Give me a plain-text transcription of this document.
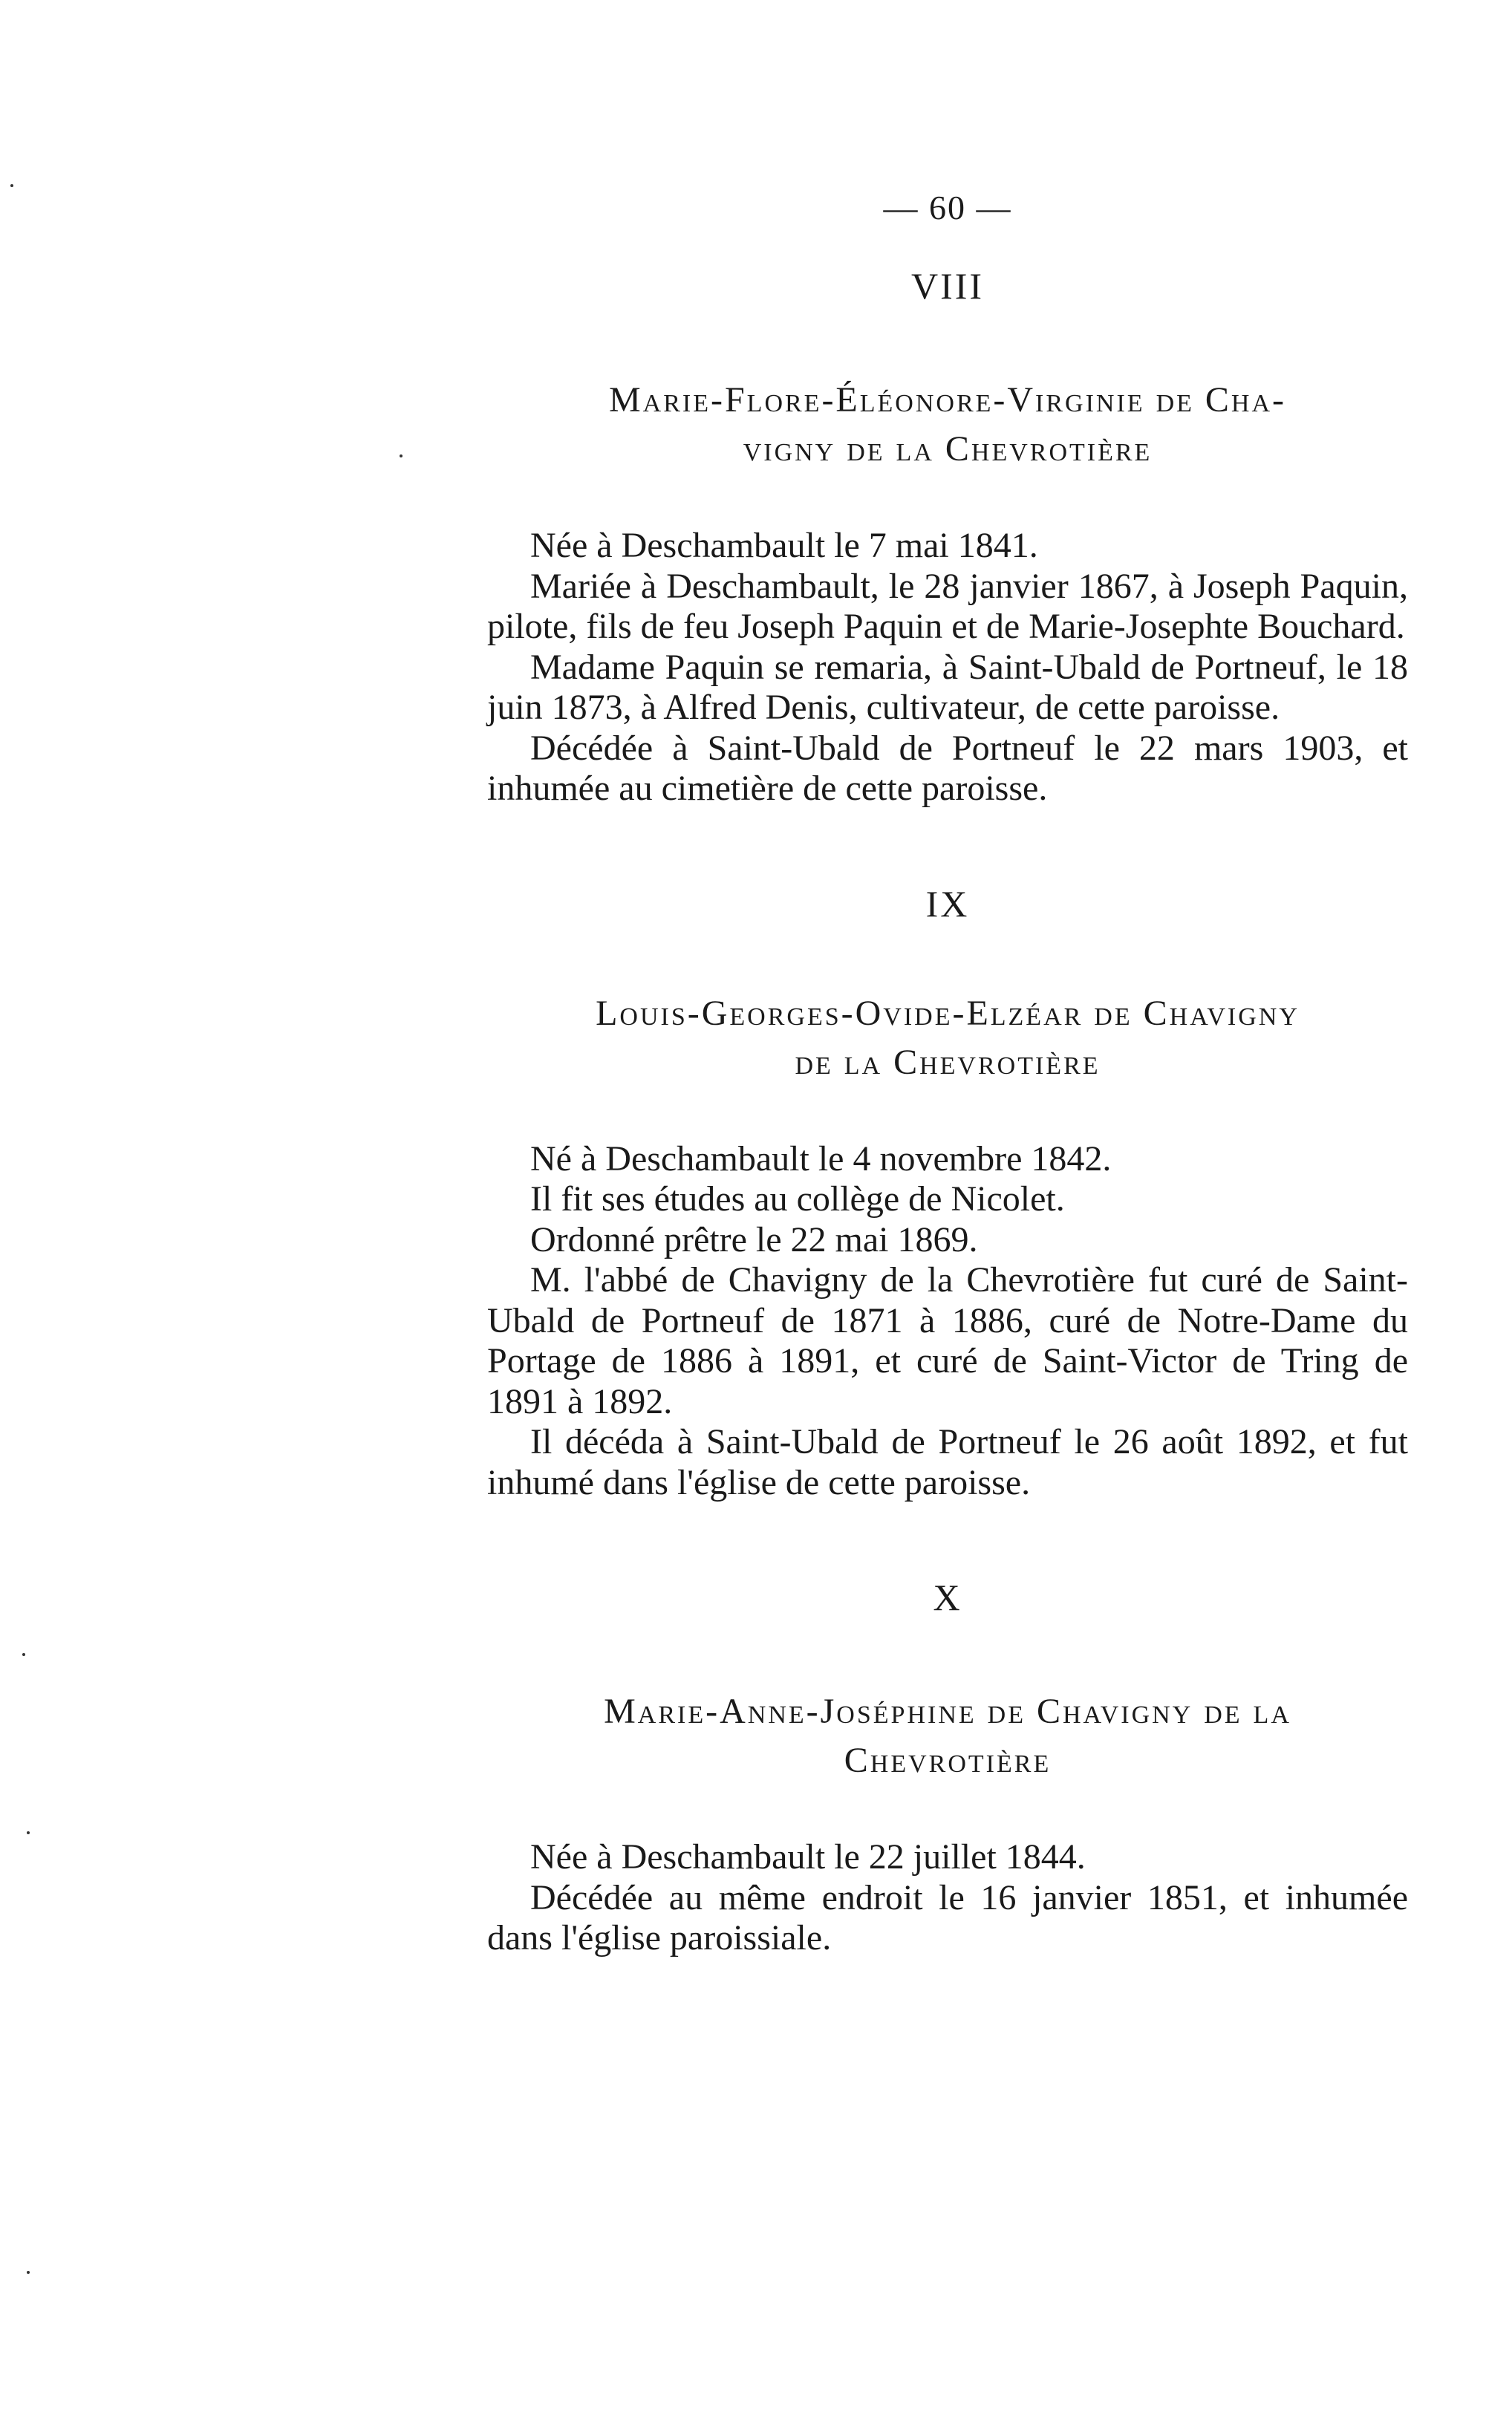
— 60 —
VIII
Marie-Flore-Éléonore-Virginie de Cha-
vigny de la Chevrotière

Née à Deschambault le 7 mai 1841.

Mariée à Deschambault, le 28 janvier 1867, à Joseph Paquin, pilote, fils de feu Joseph Paquin et de Marie-Josephte Bouchard.

Madame Paquin se remaria, à Saint-Ubald de Portneuf, le 18 juin 1873, à Alfred Denis, cultivateur, de cette paroisse.

Décédée à Saint-Ubald de Portneuf le 22 mars 1903, et inhumée au cimetière de cette paroisse.

IX
Louis-Georges-Ovide-Elzéar de Chavigny
de la Chevrotière

Né à Deschambault le 4 novembre 1842.

Il fit ses études au collège de Nicolet.

Ordonné prêtre le 22 mai 1869.

M. l'abbé de Chavigny de la Chevrotière fut curé de Saint-Ubald de Portneuf de 1871 à 1886, curé de Notre-Dame du Portage de 1886 à 1891, et curé de Saint-Victor de Tring de 1891 à 1892.

Il décéda à Saint-Ubald de Portneuf le 26 août 1892, et fut inhumé dans l'église de cette paroisse.

X
Marie-Anne-Joséphine de Chavigny de la
Chevrotière

Née à Deschambault le 22 juillet 1844.

Décédée au même endroit le 16 janvier 1851, et inhumée dans l'église paroissiale.
